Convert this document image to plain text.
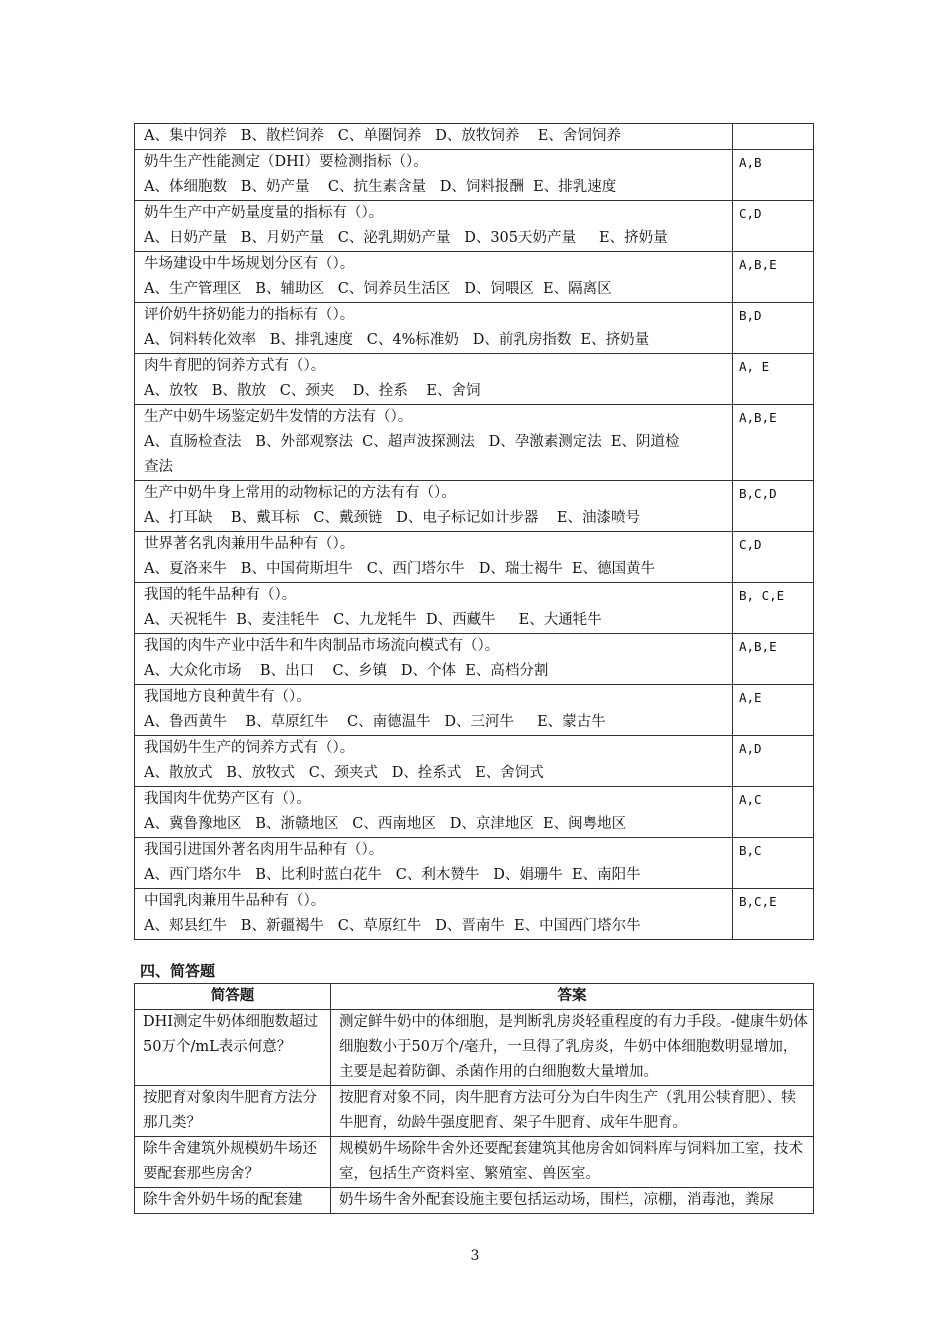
A、集中饲养   B、散栏饲养   C、单圈饲养   D、放牧饲养    E、舍饲饲养	

奶牛生产性能测定（DHI）要检测指标（）。
A、体细胞数   B、奶产量    C、抗生素含量   D、饲料报酬  E、排乳速度	A,B

奶牛生产中产奶量度量的指标有（）。
A、日奶产量   B、月奶产量   C、泌乳期奶产量   D、305天奶产量     E、挤奶量	C,D

牛场建设中牛场规划分区有（）。
A、生产管理区   B、辅助区   C、饲养员生活区   D、饲喂区  E、隔离区	A,B,E

评价奶牛挤奶能力的指标有（）。
A、饲料转化效率   B、排乳速度   C、4%标准奶   D、前乳房指数  E、挤奶量	B,D

肉牛育肥的饲养方式有（）。
A、放牧   B、散放   C、颈夹    D、拴系    E、舍饲	A, E

生产中奶牛场鉴定奶牛发情的方法有（）。
A、直肠检查法   B、外部观察法  C、超声波探测法   D、孕激素测定法  E、阴道检
查法	A,B,E

生产中奶牛身上常用的动物标记的方法有有（）。
A、打耳缺    B、戴耳标   C、戴颈链   D、电子标记如计步器    E、油漆喷号	B,C,D

世界著名乳肉兼用牛品种有（）。
A、夏洛来牛   B、中国荷斯坦牛   C、西门塔尔牛   D、瑞士褐牛  E、德国黄牛	C,D

我国的牦牛品种有（）。
A、天祝牦牛  B、麦洼牦牛   C、九龙牦牛  D、西藏牛     E、大通牦牛	B, C,E

我国的肉牛产业中活牛和牛肉制品市场流向模式有（）。
A、大众化市场    B、出口    C、乡镇   D、个体  E、高档分割	A,B,E

我国地方良种黄牛有（）。
A、鲁西黄牛    B、草原红牛    C、南德温牛   D、三河牛     E、蒙古牛	A,E

我国奶牛生产的饲养方式有（）。
A、散放式   B、放牧式   C、颈夹式   D、拴系式   E、舍饲式	A,D

我国肉牛优势产区有（）。
A、冀鲁豫地区   B、浙赣地区   C、西南地区   D、京津地区  E、闽粤地区	A,C

我国引进国外著名肉用牛品种有（）。
A、西门塔尔牛   B、比利时蓝白花牛   C、利木赞牛   D、娟珊牛  E、南阳牛	B,C

中国乳肉兼用牛品种有（）。
A、郏县红牛   B、新疆褐牛   C、草原红牛   D、晋南牛  E、中国西门塔尔牛	B,C,E
四、简答题
简答题	答案
DHI测定牛奶体细胞数超过50万个/mL表示何意？	测定鲜牛奶中的体细胞，是判断乳房炎轻重程度的有力手段。-健康牛奶体细胞数小于50万个/毫升，一旦得了乳房炎，牛奶中体细胞数明显增加，主要是起着防御、杀菌作用的白细胞数大量增加。
按肥育对象肉牛肥育方法分那几类？	按肥育对象不同，肉牛肥育方法可分为白牛肉生产（乳用公犊育肥）、犊牛肥育，幼龄牛强度肥育、架子牛肥育、成年牛肥育。
除牛舍建筑外规模奶牛场还要配套那些房舍？	规模奶牛场除牛舍外还要配套建筑其他房舍如饲料库与饲料加工室，技术室，包括生产资料室、繁殖室、兽医室。
除牛舍外奶牛场的配套建	奶牛场牛舍外配套设施主要包括运动场，围栏，凉棚，消毒池，粪尿
3
